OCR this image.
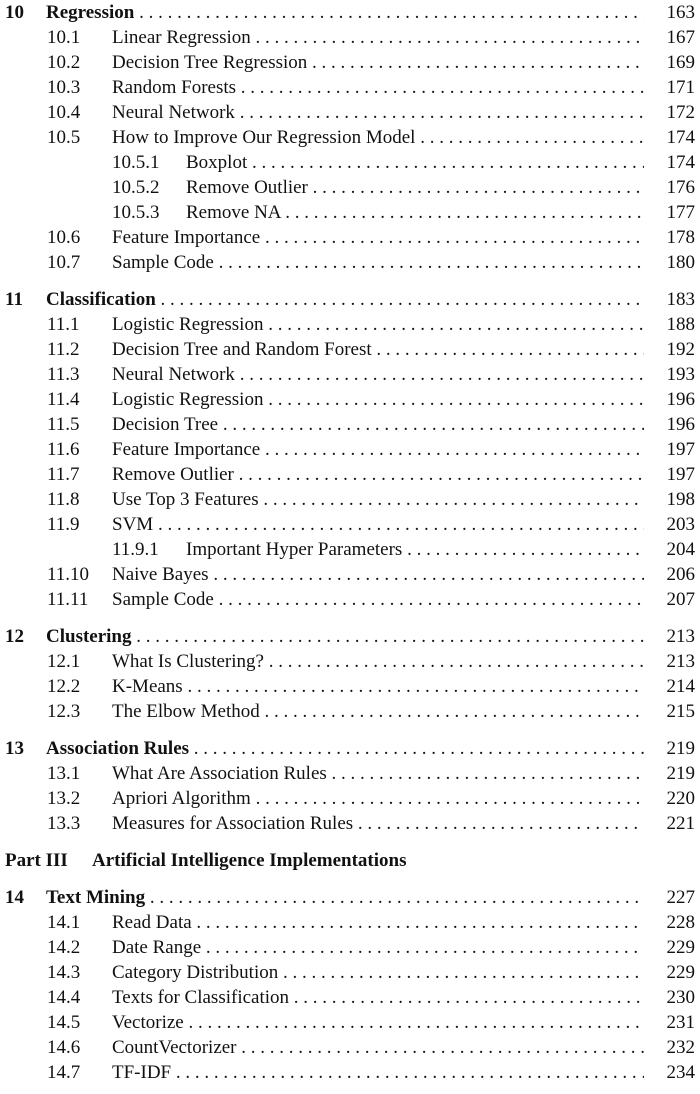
10 Regression . . .	163
10.1 Linear Regression . . .	167
10.2 Decision Tree Regression . . .	169
10.3 Random Forests . . .	171
10.4 Neural Network . . .	172
10.5 How to Improve Our Regression Model . . .	174
10.5.1 Boxplot . . .	174
10.5.2 Remove Outlier . . .	176
10.5.3 Remove NA . . .	177
10.6 Feature Importance . . .	178
10.7 Sample Code . . .	180
11 Classification . . .	183
11.1 Logistic Regression . . .	188
11.2 Decision Tree and Random Forest . . .	192
11.3 Neural Network . . .	193
11.4 Logistic Regression . . .	196
11.5 Decision Tree . . .	196
11.6 Feature Importance . . .	197
11.7 Remove Outlier . . .	197
11.8 Use Top 3 Features . . .	198
11.9 SVM . . .	203
11.9.1 Important Hyper Parameters . . .	204
11.10 Naive Bayes . . .	206
11.11 Sample Code . . .	207
12 Clustering . . .	213
12.1 What Is Clustering? . . .	213
12.2 K-Means . . .	214
12.3 The Elbow Method . . .	215
13 Association Rules . . .	219
13.1 What Are Association Rules . . .	219
13.2 Apriori Algorithm . . .	220
13.3 Measures for Association Rules . . .	221
Part III Artificial Intelligence Implementations
14 Text Mining . . .	227
14.1 Read Data . . .	228
14.2 Date Range . . .	229
14.3 Category Distribution . . .	229
14.4 Texts for Classification . . .	230
14.5 Vectorize . . .	231
14.6 CountVectorizer . . .	232
14.7 TF-IDF . . .	234
